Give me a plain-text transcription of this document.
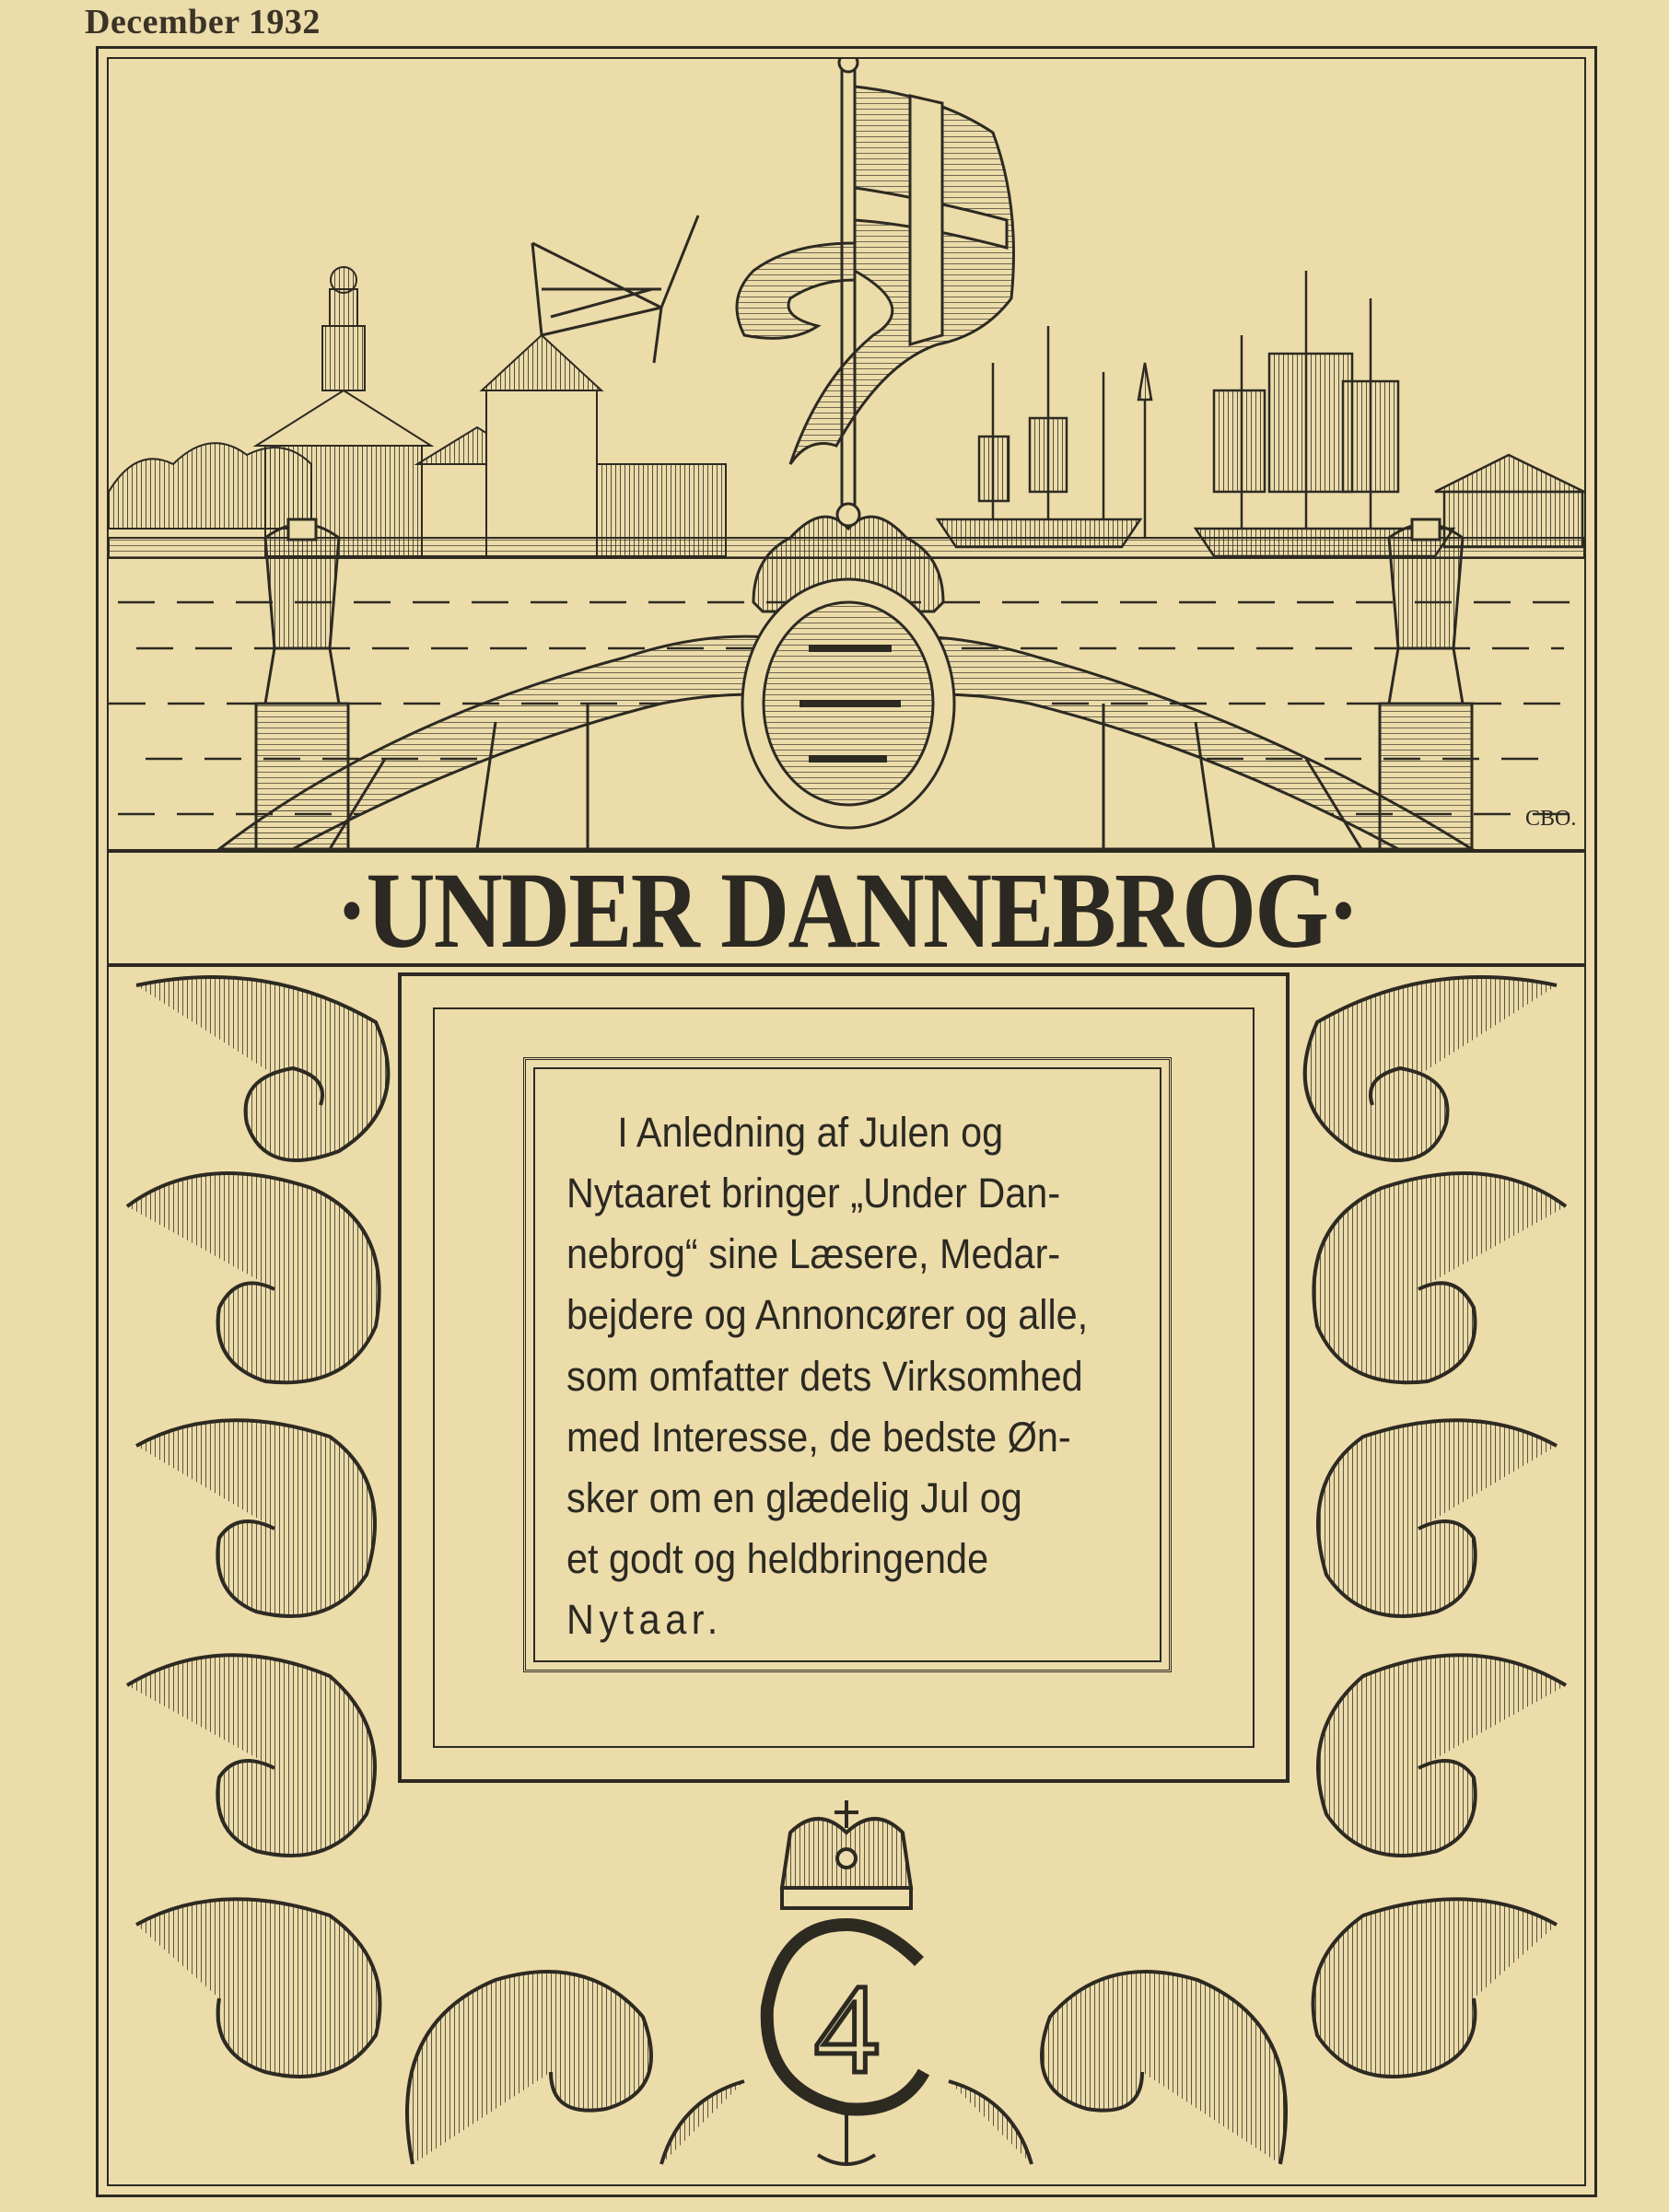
December 1932
CBO.
·UNDER DANNEBROG·
4
I Anledning af Julen og
Nytaaret bringer „Under Dan-
nebrog“ sine Læsere, Medar-
bejdere og Annoncører og alle,
som omfatter dets Virksomhed
med Interesse, de bedste Øn-
sker om en glædelig Jul og
et godt og heldbringende
Nytaar.
